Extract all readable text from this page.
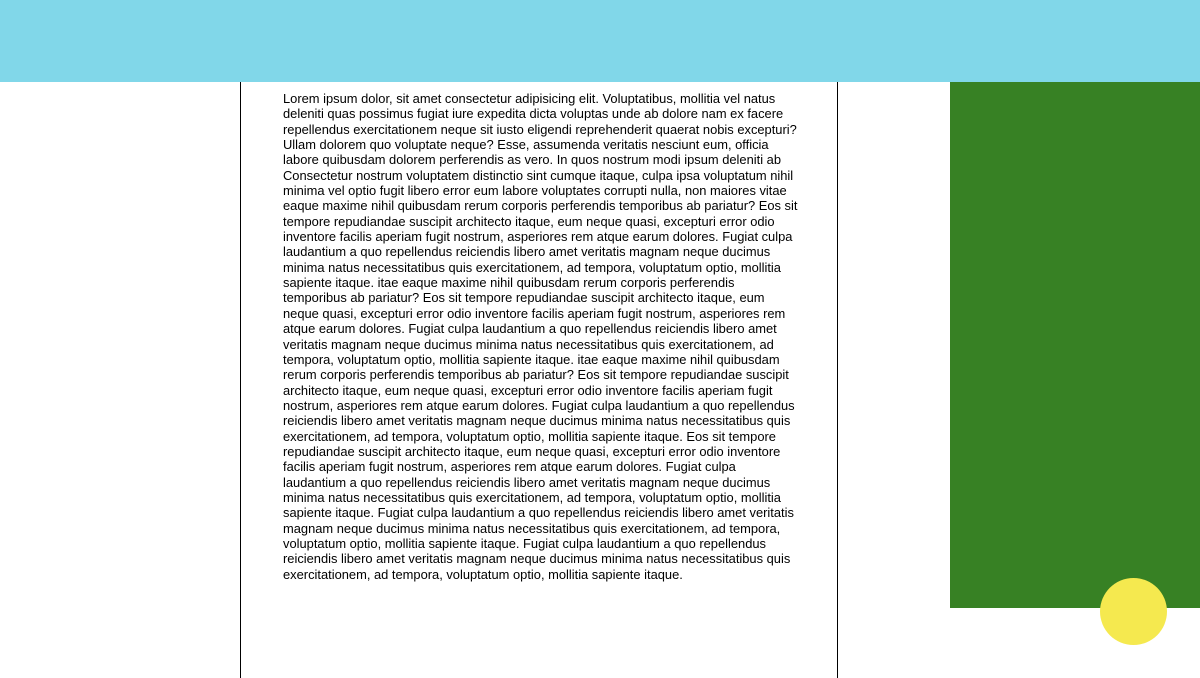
Lorem ipsum dolor, sit amet consectetur adipisicing elit. Voluptatibus, mollitia vel natus deleniti quas possimus fugiat iure expedita dicta voluptas unde ab dolore nam ex facere repellendus exercitationem neque sit iusto eligendi reprehenderit quaerat nobis excepturi? Ullam dolorem quo voluptate neque? Esse, assumenda veritatis nesciunt eum, officia labore quibusdam dolorem perferendis as vero. In quos nostrum modi ipsum deleniti ab Consectetur nostrum voluptatem distinctio sint cumque itaque, culpa ipsa voluptatum nihil minima vel optio fugit libero error eum labore voluptates corrupti nulla, non maiores vitae eaque maxime nihil quibusdam rerum corporis perferendis temporibus ab pariatur? Eos sit tempore repudiandae suscipit architecto itaque, eum neque quasi, excepturi error odio inventore facilis aperiam fugit nostrum, asperiores rem atque earum dolores. Fugiat culpa laudantium a quo repellendus reiciendis libero amet veritatis magnam neque ducimus minima natus necessitatibus quis exercitationem, ad tempora, voluptatum optio, mollitia sapiente itaque. itae eaque maxime nihil quibusdam rerum corporis perferendis temporibus ab pariatur? Eos sit tempore repudiandae suscipit architecto itaque, eum neque quasi, excepturi error odio inventore facilis aperiam fugit nostrum, asperiores rem atque earum dolores. Fugiat culpa laudantium a quo repellendus reiciendis libero amet veritatis magnam neque ducimus minima natus necessitatibus quis exercitationem, ad tempora, voluptatum optio, mollitia sapiente itaque. itae eaque maxime nihil quibusdam rerum corporis perferendis temporibus ab pariatur? Eos sit tempore repudiandae suscipit architecto itaque, eum neque quasi, excepturi error odio inventore facilis aperiam fugit nostrum, asperiores rem atque earum dolores. Fugiat culpa laudantium a quo repellendus reiciendis libero amet veritatis magnam neque ducimus minima natus necessitatibus quis exercitationem, ad tempora, voluptatum optio, mollitia sapiente itaque. Eos sit tempore repudiandae suscipit architecto itaque, eum neque quasi, excepturi error odio inventore facilis aperiam fugit nostrum, asperiores rem atque earum dolores. Fugiat culpa laudantium a quo repellendus reiciendis libero amet veritatis magnam neque ducimus minima natus necessitatibus quis exercitationem, ad tempora, voluptatum optio, mollitia sapiente itaque. Fugiat culpa laudantium a quo repellendus reiciendis libero amet veritatis magnam neque ducimus minima natus necessitatibus quis exercitationem, ad tempora, voluptatum optio, mollitia sapiente itaque. Fugiat culpa laudantium a quo repellendus reiciendis libero amet veritatis magnam neque ducimus minima natus necessitatibus quis exercitationem, ad tempora, voluptatum optio, mollitia sapiente itaque.
